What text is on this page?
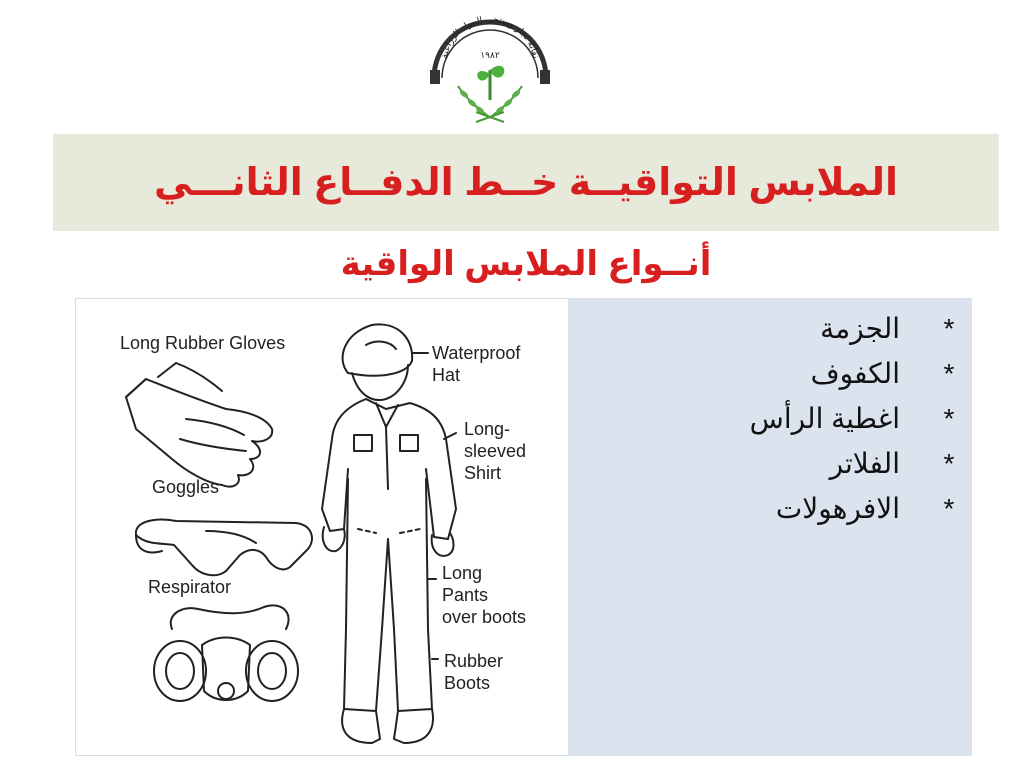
نقابة تجار ومنتجي المواد الزراعية
١٩٨٢
الملابس التواقيــة خــط الدفــاع الثانـــي
أنــواع الملابس الواقية
Long Rubber Gloves	Waterproof
Hat
Long-
sleeved
Shirt
Goggles
Respirator
Long
Pants
over boots
Rubber
Boots
الجزمة	*
الكفوف	*
اغطية الرأس	*
الفلاتر	*
الافرهولات	*
